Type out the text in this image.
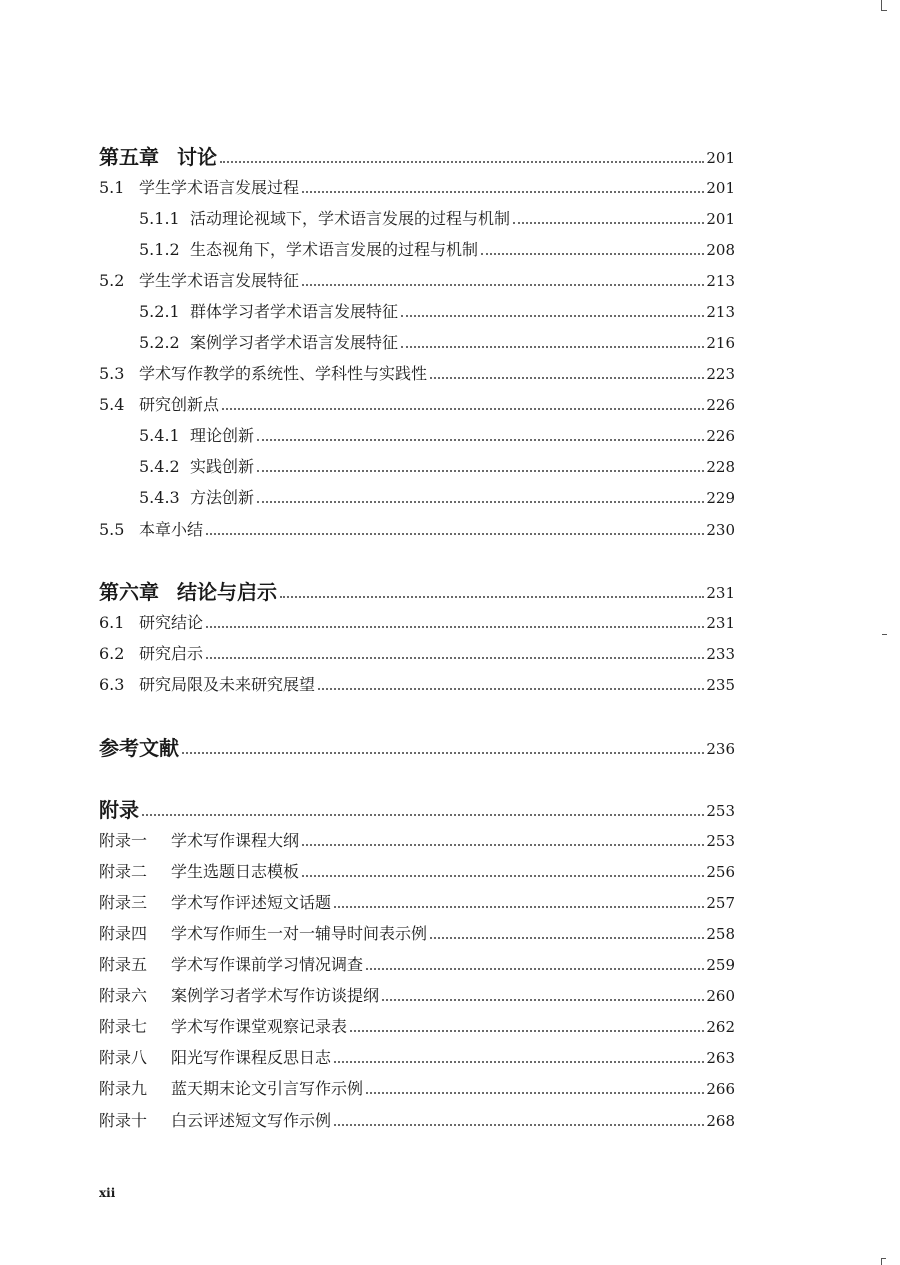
第五章 讨论	201
5.1 学生学术语言发展过程	201
5.1.1 活动理论视域下，学术语言发展的过程与机制	201
5.1.2 生态视角下，学术语言发展的过程与机制	208
5.2 学生学术语言发展特征	213
5.2.1 群体学习者学术语言发展特征	213
5.2.2 案例学习者学术语言发展特征	216
5.3 学术写作教学的系统性、学科性与实践性	223
5.4 研究创新点	226
5.4.1 理论创新	226
5.4.2 实践创新	228
5.4.3 方法创新	229
5.5 本章小结	230
第六章 结论与启示	231
6.1 研究结论	231
6.2 研究启示	233
6.3 研究局限及未来研究展望	235
参考文献	236
附录	253
附录一	学术写作课程大纲	253
附录二	学生选题日志模板	256
附录三	学术写作评述短文话题	257
附录四	学术写作师生一对一辅导时间表示例	258
附录五	学术写作课前学习情况调查	259
附录六	案例学习者学术写作访谈提纲	260
附录七	学术写作课堂观察记录表	262
附录八	阳光写作课程反思日志	263
附录九	蓝天期末论文引言写作示例	266
附录十	白云评述短文写作示例	268
xii
